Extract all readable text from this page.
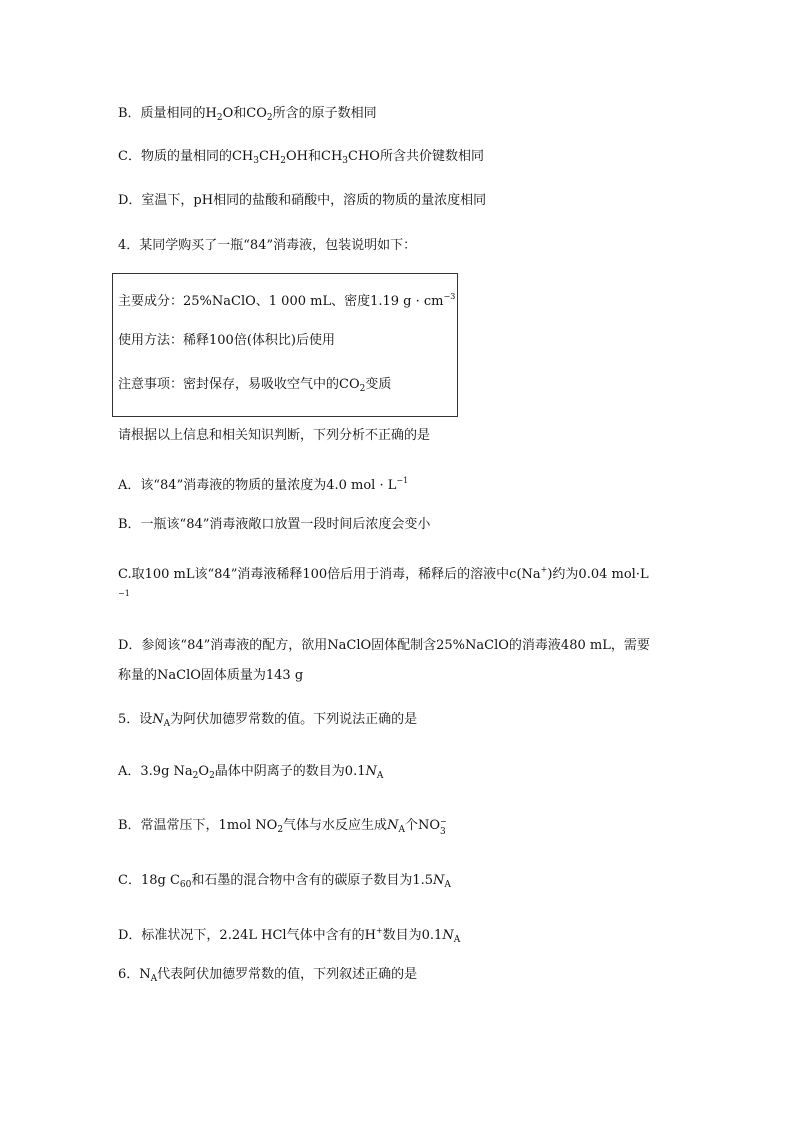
B．质量相同的$H_2O$和$CO_2$所含的原子数相同
C．物质的量相同的$CH_3CH_2OH$和$CH_3CHO$所含共价键数相同
D．室温下，pH相同的盐酸和硝酸中，溶质的物质的量浓度相同
4．某同学购买了一瓶“84”消毒液，包装说明如下：
主要成分：25%NaClO、1 000 mL、密度1.19 $g \cdot cm^{-3}$
使用方法：稀释100倍(体积比)后使用
注意事项：密封保存，易吸收空气中的$CO_2$变质
请根据以上信息和相关知识判断，下列分析不正确的是
A．该“84”消毒液的物质的量浓度为4.0 mol · $L^{-1}$
B．一瓶该“84”消毒液敞口放置一段时间后浓度会变小
C.取100 mL该“84”消毒液稀释100倍后用于消毒，稀释后的溶液中c(Na+)约为0.04 mol·L
−1
D．参阅该“84”消毒液的配方，欲用NaClO固体配制含25%NaClO的消毒液480 mL，需要
称量的NaClO固体质量为143 g
5．设$N_A$为阿伏加德罗常数的值。下列说法正确的是
A．3.9g $Na_2O_2$晶体中阴离子的数目为$0.1N_A$
B．常温常压下，1mol $NO_2$气体与水反应生成$N_A$个NO −
3
C．18g $C_{60}$和石墨的混合物中含有的碳原子数目为$1.5N_A$
D．标准状况下，2.24L HCl气体中含有的H+数目为$0.1N_A$
6．$N_A$代表阿伏加德罗常数的值，下列叙述正确的是
